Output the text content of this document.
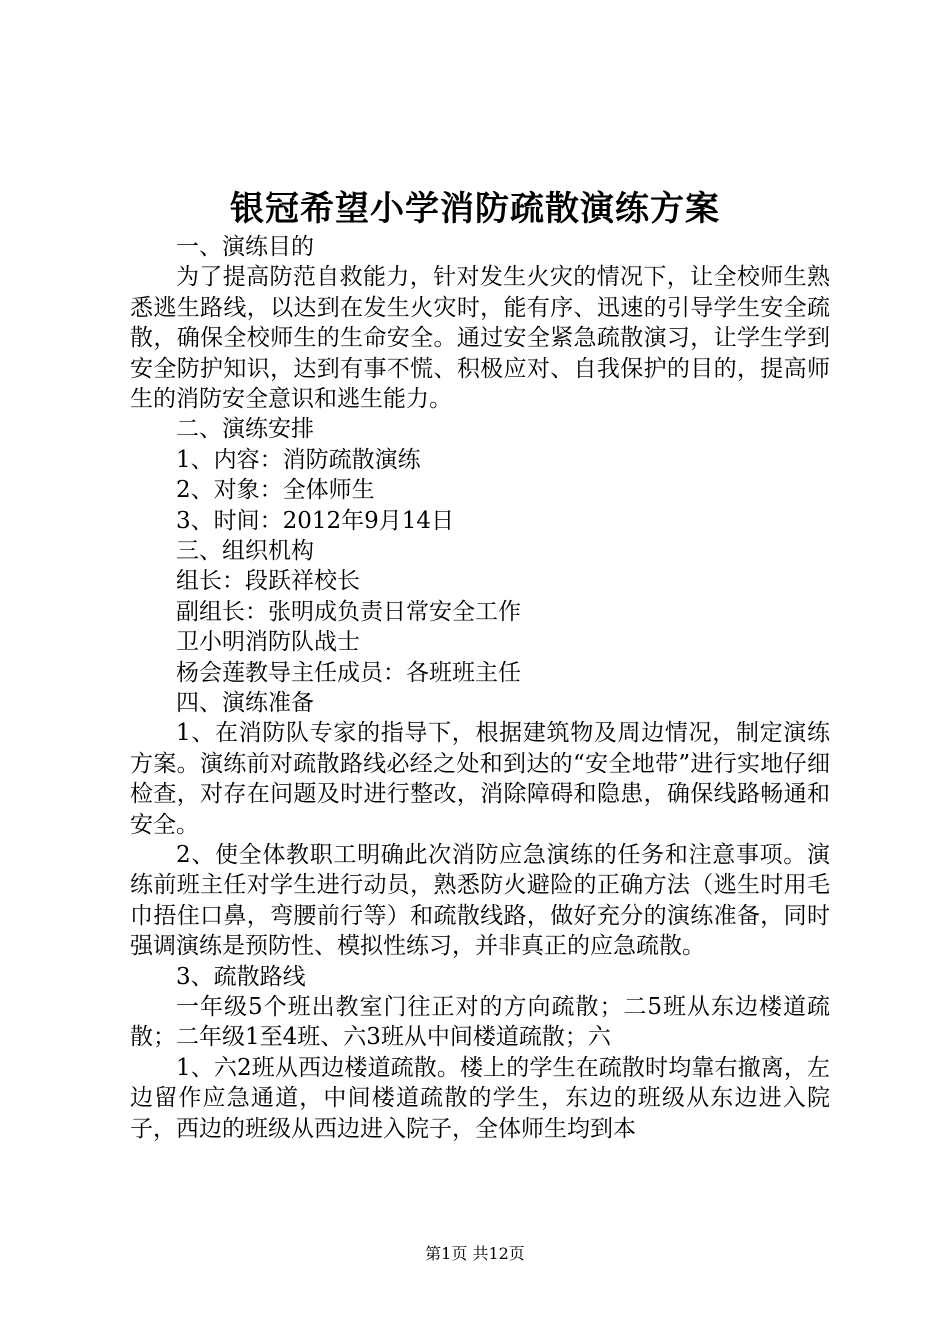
银冠希望小学消防疏散演练方案
一、演练目的
为了提高防范自救能力，针对发生火灾的情况下，让全校师生熟悉逃生路线，以达到在发生火灾时，能有序、迅速的引导学生安全疏散，确保全校师生的生命安全。通过安全紧急疏散演习，让学生学到安全防护知识，达到有事不慌、积极应对、自我保护的目的，提高师生的消防安全意识和逃生能力。
二、演练安排
1、内容：消防疏散演练
2、对象：全体师生
3、时间：2012年9月14日
三、组织机构
组长：段跃祥校长
副组长：张明成负责日常安全工作
卫小明消防队战士
杨会莲教导主任成员：各班班主任
四、演练准备
1、在消防队专家的指导下，根据建筑物及周边情况，制定演练方案。演练前对疏散路线必经之处和到达的“安全地带”进行实地仔细检查，对存在问题及时进行整改，消除障碍和隐患，确保线路畅通和安全。
2、使全体教职工明确此次消防应急演练的任务和注意事项。演练前班主任对学生进行动员，熟悉防火避险的正确方法（逃生时用毛巾捂住口鼻，弯腰前行等）和疏散线路，做好充分的演练准备，同时强调演练是预防性、模拟性练习，并非真正的应急疏散。
3、疏散路线
一年级5个班出教室门往正对的方向疏散；二5班从东边楼道疏散；二年级1至4班、六3班从中间楼道疏散；六
1、六2班从西边楼道疏散。楼上的学生在疏散时均靠右撤离，左边留作应急通道，中间楼道疏散的学生，东边的班级从东边进入院子，西边的班级从西边进入院子，全体师生均到本
第1页 共12页
